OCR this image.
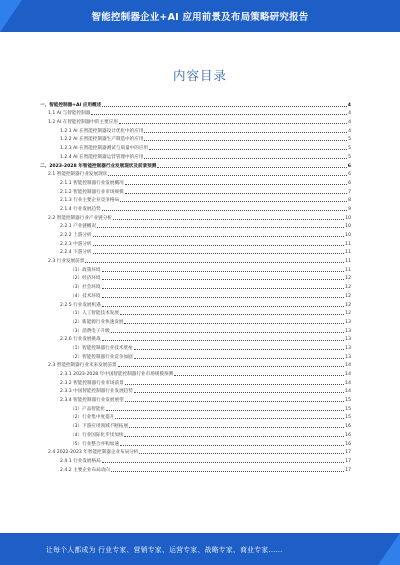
智能控制器企业+AI 应用前景及布局策略研究报告
内容目录
一、智能控制器+AI 应用概述	4
1.1 AI 与智能控制器	4
1.2 AI 在智能控制器中的主要应用	4
1.2.1 AI 在智能控制器设计优化中的应用	4
1.2.2 AI 在智能控制器生产制造中的应用	5
1.2.3 AI 在智能控制器测试与质量中的应用	5
1.2.4 AI 在智能控制器运营管理中的应用	5
二、2023-2028 年智能控制器行业发展现状及前景预测	6
2.1 智能控制器行业发展现状	6
2.1.1 智能控制器行业发展概况	6
2.1.2 智能控制器行业市场规模	7
2.1.3 行业主要企业竞争格局	8
2.1.4 行业发展趋势	9
2.2 智能控制器行业产业链分析	10
2.2.1 产业链概况	10
2.2.2 上游分析	10
2.2.3 中游分析	11
2.2.4 下游分析	11
2.3 行业发展前景	11
（1）政策环境	11
（2）经济环境	12
（3）社会环境	12
（4）技术环境	12
2.2.5 行业发展机遇	12
（1）人工智能技术发展	12
（2）新能源行业快速发展	13
（3）消费电子升级	13
2.2.6 行业发展挑战	13
（1）智能控制器行业技术壁垒	13
（2）智能控制器行业竞争加剧	13
2.3 智能控制器行业未来发展前景	14
2.3.1 2023-2028 年中国智能控制器行业市场规模预测	14
2.3.2 智能控制器行业市场前景	14
2.3.3 中国智能控制器行业发展趋势	14
2.3.4 智能控制器行业发展展望	15
（1）产品智能化	15
（2）行业集中度提升	15
（3）下游应用领域不断拓展	16
（4）行业国际化步伐加快	16
（5）行业整合并购加速	16
2.4 2022-2023 年智能控制器企业布局分析	17
2.4.1 行业发展格局	17
2.4.2 主要企业布局动向	17
让每个人都成为 行业专家、营销专家、运营专家、战略专家、商业专家……
